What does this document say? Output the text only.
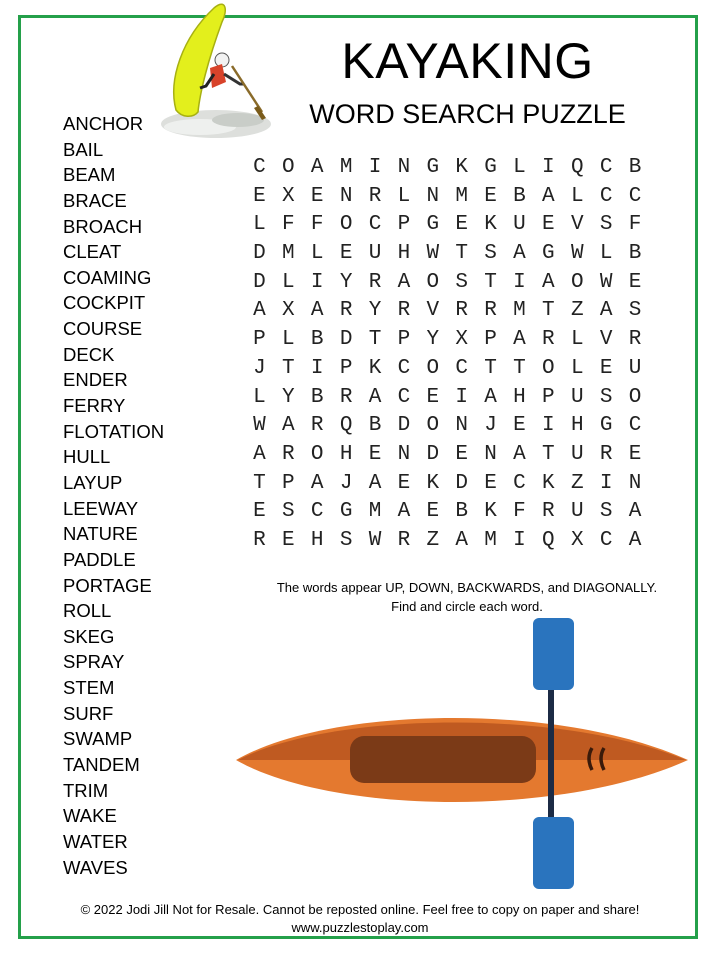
KAYAKING
WORD SEARCH PUZZLE
ANCHOR
BAIL
BEAM
BRACE
BROACH
CLEAT
COAMING
COCKPIT
COURSE
DECK
ENDER
FERRY
FLOTATION
HULL
LAYUP
LEEWAY
NATURE
PADDLE
PORTAGE
ROLL
SKEG
SPRAY
STEM
SURF
SWAMP
TANDEM
TRIM
WAKE
WATER
WAVES
C O A M I N G K G L I Q C B
E X E N R L N M E B A L C C
L F F O C P G E K U E V S F
D M L E U H W T S A G W L B
D L I Y R A O S T I A O W E
A X A R Y R V R R M T Z A S
P L B D T P Y X P A R L V R
J T I P K C O C T T O L E U
L Y B R A C E I A H P U S O
W A R Q B D O N J E I H G C
A R O H E N D E N A T U R E
T P A J A E K D E C K Z I N
E S C G M A E B K F R U S A
R E H S W R Z A M I Q X C A
The words appear UP, DOWN, BACKWARDS, and DIAGONALLY.
Find and circle each word.
© 2022 Jodi Jill Not for Resale. Cannot be reposted online. Feel free to copy on paper and share!
www.puzzlestoplay.com
